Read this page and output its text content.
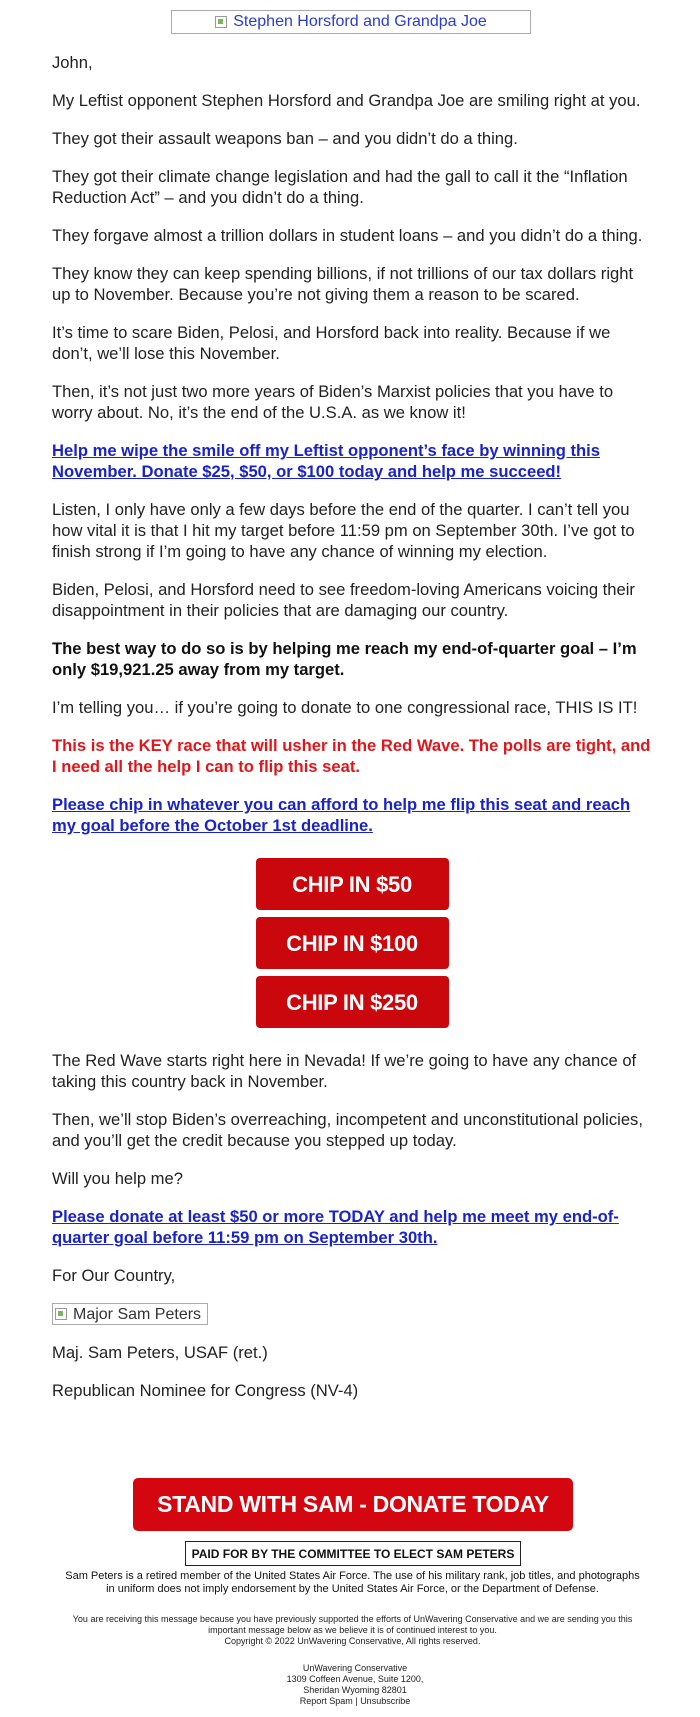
Stephen Horsford and Grandpa Joe

John,

My Leftist opponent Stephen Horsford and Grandpa Joe are smiling right at you.

They got their assault weapons ban – and you didn’t do a thing.

They got their climate change legislation and had the gall to call it the “Inflation Reduction Act” – and you didn’t do a thing.

They forgave almost a trillion dollars in student loans – and you didn’t do a thing.

They know they can keep spending billions, if not trillions of our tax dollars right up to November. Because you’re not giving them a reason to be scared.

It’s time to scare Biden, Pelosi, and Horsford back into reality. Because if we don’t, we’ll lose this November.

Then, it’s not just two more years of Biden’s Marxist policies that you have to worry about. No, it’s the end of the U.S.A. as we know it!

Help me wipe the smile off my Leftist opponent’s face by winning this November. Donate $25, $50, or $100 today and help me succeed!

Listen, I only have only a few days before the end of the quarter. I can’t tell you how vital it is that I hit my target before 11:59 pm on September 30th. I’ve got to finish strong if I’m going to have any chance of winning my election.

Biden, Pelosi, and Horsford need to see freedom-loving Americans voicing their disappointment in their policies that are damaging our country.

The best way to do so is by helping me reach my end-of-quarter goal – I’m only $19,921.25 away from my target.

I’m telling you… if you’re going to donate to one congressional race, THIS IS IT!

This is the KEY race that will usher in the Red Wave. The polls are tight, and I need all the help I can to flip this seat.

Please chip in whatever you can afford to help me flip this seat and reach my goal before the October 1st deadline.

CHIP IN $50
CHIP IN $100
CHIP IN $250

The Red Wave starts right here in Nevada! If we’re going to have any chance of taking this country back in November.

Then, we’ll stop Biden’s overreaching, incompetent and unconstitutional policies, and you’ll get the credit because you stepped up today.

Will you help me?

Please donate at least $50 or more TODAY and help me meet my end-of-quarter goal before 11:59 pm on September 30th.

For Our Country,

Major Sam Peters

Maj. Sam Peters, USAF (ret.)

Republican Nominee for Congress (NV-4)

STAND WITH SAM - DONATE TODAY
PAID FOR BY THE COMMITTEE TO ELECT SAM PETERS
Sam Peters is a retired member of the United States Air Force. The use of his military rank, job titles, and photographs in uniform does not imply endorsement by the United States Air Force, or the Department of Defense.
You are receiving this message because you have previously supported the efforts of UnWavering Conservative and we are sending you this important message below as we believe it is of continued interest to you.
Copyright © 2022 UnWavering Conservative, All rights reserved.
UnWavering Conservative
1309 Coffeen Avenue, Suite 1200,
Sheridan Wyoming 82801
Report Spam | Unsubscribe
